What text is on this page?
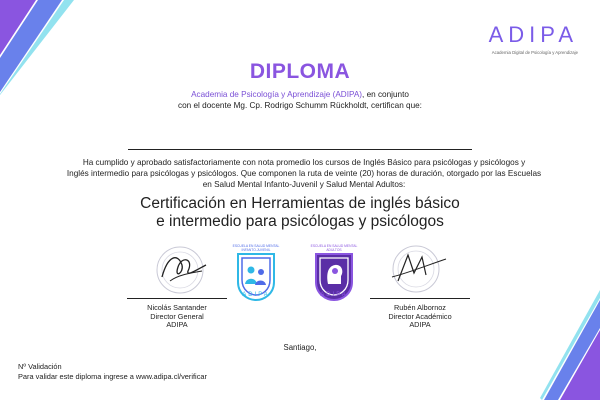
ADIPA
Academia Digital de Psicología y Aprendizaje
DIPLOMA
Academia de Psicología y Aprendizaje (ADIPA), en conjunto
con el docente Mg. Cp. Rodrigo Schumm Rückholdt, certifican que:
Ha cumplido y aprobado satisfactoriamente con nota promedio los cursos de Inglés Básico para psicólogas y psicólogos y
Inglés intermedio para psicólogas y psicólogos. Que componen la ruta de veinte (20) horas de duración, otorgado por las Escuelas
en Salud Mental Infanto-Juvenil y Salud Mental Adultos:
Certificación en Herramientas de inglés básico
e intermedio para psicólogas y psicólogos
Nicolás Santander
Director General
ADIPA
ESCUELA EN SALUD MENTAL INFANTO-JUVENIL
ADIPA
ESCUELA EN SALUD MENTAL ADULTOS
ADIPA
Rubén Albornoz
Director Académico
ADIPA
Santiago,
Nº Validación
Para validar este diploma ingrese a www.adipa.cl/verificar
